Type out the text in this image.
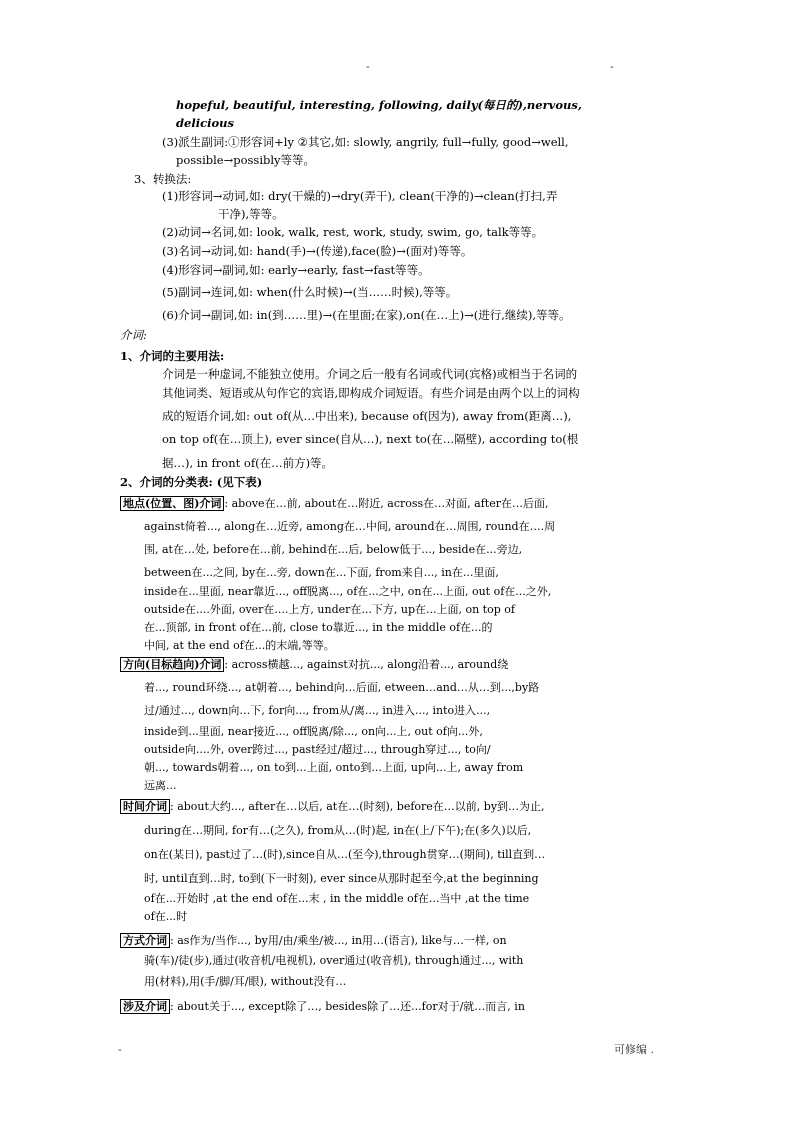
-	-
hopeful, beautiful, interesting, following, daily(每日的),nervous,
delicious
(3)派生副词:①形容词+ly ②其它,如: slowly, angrily, full→fully, good→well,
possible→possibly等等。
3、转换法:
(1)形容词→动词,如: dry(干燥的)→dry(弄干), clean(干净的)→clean(打扫,弄
干净),等等。
(2)动词→名词,如: look, walk, rest, work, study, swim, go, talk等等。
(3)名词→动词,如: hand(手)→(传递),face(脸)→(面对)等等。
(4)形容词→副词,如: early→early, fast→fast等等。
(5)副词→连词,如: when(什么时候)→(当……时候),等等。
(6)介词→副词,如: in(到……里)→(在里面;在家),on(在…上)→(进行,继续),等等。
介词:
1、介词的主要用法:
介词是一种虚词,不能独立使用。介词之后一般有名词或代词(宾格)或相当于名词的
其他词类、短语或从句作它的宾语,即构成介词短语。有些介词是由两个以上的词构
成的短语介词,如: out of(从…中出来), because of(因为), away from(距离…),
on top of(在…顶上), ever since(自从…), next to(在…隔壁), according to(根
据…), in front of(在…前方)等。
2、介词的分类表: (见下表)
地点(位置、图)介词 : above在…前, about在…附近, across在…对面, after在…后面,
against倚着..., along在…近旁, among在…中间, around在…周围, round在….周
围, at在…处, before在...前, behind在...后, below低于..., beside在...旁边,
between在...之间, by在...旁, down在...下面, from来自..., in在...里面,
inside在...里面, near靠近..., off脱离..., of在...之中, on在...上面, out of在...之外,
outside在....外面, over在....上方, under在...下方, up在...上面, on top of
在...顶部, in front of在...前, close to靠近..., in the middle of在...的
中间, at the end of在...的末端,等等。
方向(目标趋向)介词 : across横越..., against对抗..., along沿着..., around绕
着..., round环绕..., at朝着..., behind向…后面, etween…and…从…到...,by路
过/通过..., down向…下, for向..., from从/离..., in进入..., into进入...,
inside到...里面, near接近..., off脱离/除..., on向...上, out of向...外,
outside向....外, over跨过..., past经过/超过..., through穿过..., to向/
朝..., towards朝着..., on to到...上面, onto到...上面, up向...上, away from
远离...
时间介词 : about大约..., after在…以后, at在…(时刻), before在…以前, by到…为止,
during在…期间, for有…(之久), from从…(时)起, in在(上/下午);在(多久)以后,
on在(某日), past过了…(时),since自从…(至今),through贯穿…(期间), till直到…
时, until直到…时, to到(下一时刻), ever since从那时起至今,at the beginning
of在...开始时 ,at the end of在...末 , in the middle of在...当中 ,at the time
of在...时
方式介词 : as作为/当作..., by用/由/乘坐/被..., in用…(语言), like与…一样, on
骑(车)/徒(步),通过(收音机/电视机), over通过(收音机), through通过..., with
用(材料),用(手/脚/耳/眼), without没有…
涉及介词 : about关于..., except除了…, besides除了…还...for对于/就…而言, in
-	可修编 .
